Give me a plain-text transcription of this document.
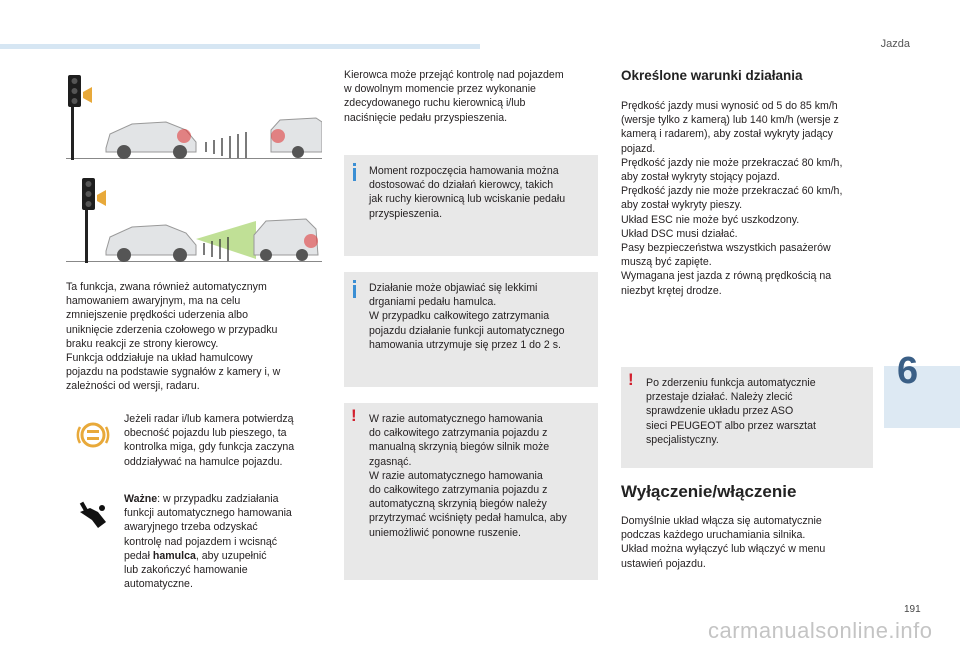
Jazda
6

Ta funkcja, zwana również automatycznym
hamowaniem awaryjnym, ma na celu
zmniejszenie prędkości uderzenia albo
uniknięcie zderzenia czołowego w przypadku
braku reakcji ze strony kierowcy.
Funkcja oddziałuje na układ hamulcowy
pojazdu na podstawie sygnałów z kamery i, w
zależności od wersji, radaru.

Jeżeli radar i/lub kamera potwierdzą
obecność pojazdu lub pieszego, ta
kontrolka miga, gdy funkcja zaczyna
oddziaływać na hamulce pojazdu.

Ważne: w przypadku zadziałania
funkcji automatycznego hamowania
awaryjnego trzeba odzyskać
kontrolę nad pojazdem i wcisnąć
pedał hamulca, aby uzupełnić
lub zakończyć hamowanie
automatyczne.

Kierowca może przejąć kontrolę nad pojazdem
w dowolnym momencie przez wykonanie
zdecydowanego ruchu kierownicą i/lub
naciśnięcie pedału przyspieszenia.

Moment rozpoczęcia hamowania można
dostosować do działań kierowcy, takich
jak ruchy kierownicą lub wciskanie pedału
przyspieszenia.
Działanie może objawiać się lekkimi
drganiami pedału hamulca.
W przypadku całkowitego zatrzymania
pojazdu działanie funkcji automatycznego
hamowania utrzymuje się przez 1 do 2 s.
! W razie automatycznego hamowania
do całkowitego zatrzymania pojazdu z
manualną skrzynią biegów silnik może
zgasnąć.
W razie automatycznego hamowania
do całkowitego zatrzymania pojazdu z
automatyczną skrzynią biegów należy
przytrzymać wciśnięty pedał hamulca, aby
uniemożliwić ponowne ruszenie.
Określone warunki działania

Prędkość jazdy musi wynosić od 5 do 85 km/h
(wersje tylko z kamerą) lub 140 km/h (wersje z
kamerą i radarem), aby został wykryty jadący
pojazd.
Prędkość jazdy nie może przekraczać 80 km/h,
aby został wykryty stojący pojazd.
Prędkość jazdy nie może przekraczać 60 km/h,
aby został wykryty pieszy.
Układ ESC nie może być uszkodzony.
Układ DSC musi działać.
Pasy bezpieczeństwa wszystkich pasażerów
muszą być zapięte.
Wymagana jest jazda z równą prędkością na
niezbyt krętej drodze.

! Po zderzeniu funkcja automatycznie
przestaje działać. Należy zlecić
sprawdzenie układu przez ASO
sieci PEUGEOT albo przez warsztat
specjalistyczny.
Wyłączenie/włączenie

Domyślnie układ włącza się automatycznie
podczas każdego uruchamiania silnika.
Układ można wyłączyć lub włączyć w menu
ustawień pojazdu.

191
carmanualsonline.info
